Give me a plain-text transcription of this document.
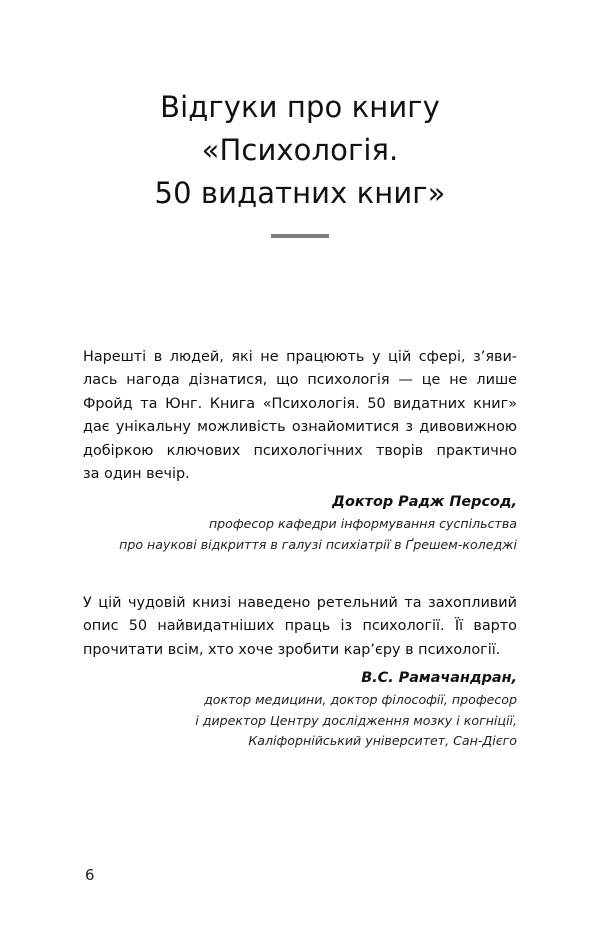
Відгуки про книгу
«Психологія.
50 видатних книг»
Нарешті в людей, які не працюють у цій сфері, з’яви-
лась нагода дізнатися, що психологія — це не лише
Фройд та Юнг. Книга «Психологія. 50 видатних книг»
дає унікальну можливість ознайомитися з дивовижною
добіркою ключових психологічних творів практично
за один вечір.
Доктор Радж Персод,
професор кафедри інформування суспільства
про наукові відкриття в галузі психіатрії в Ґрешем-коледжі
У цій чудовій книзі наведено ретельний та захопливий
опис 50 найвидатніших праць із психології. Її варто
прочитати всім, хто хоче зробити кар’єру в психології.
В.С. Рамачандран,
доктор медицини, доктор філософії, професор
і директор Центру дослідження мозку і когніції,
Каліфорнійський університет, Сан-Дієго
6
